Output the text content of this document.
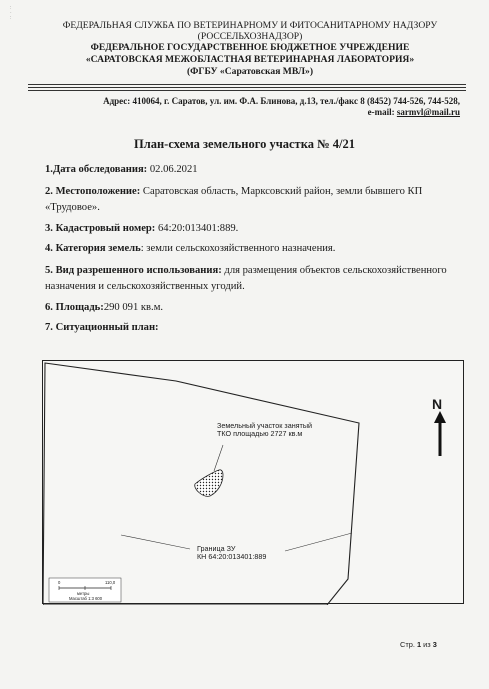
:
·
:
ФЕДЕРАЛЬНАЯ СЛУЖБА ПО ВЕТЕРИНАРНОМУ И ФИТОСАНИТАРНОМУ НАДЗОРУ
(РОССЕЛЬХОЗНАДЗОР)
ФЕДЕРАЛЬНОЕ ГОСУДАРСТВЕННОЕ БЮДЖЕТНОЕ УЧРЕЖДЕНИЕ
«САРАТОВСКАЯ МЕЖОБЛАСТНАЯ ВЕТЕРИНАРНАЯ ЛАБОРАТОРИЯ»
(ФГБУ «Саратовская МВЛ»)
Адрес: 410064, г. Саратов, ул. им. Ф.А. Блинова, д.13, тел./факс 8 (8452) 744-526, 744-528,
e-mail: sarmvl@mail.ru
План-схема земельного участка № 4/21
1.Дата обследования: 02.06.2021
2. Местоположение: Саратовская область, Марксовский район, земли бывшего КП «Трудовое».
3. Кадастровый номер: 64:20:013401:889.
4. Категория земель: земли сельскохозяйственного назначения.
5. Вид разрешенного использования: для размещения объектов сельскохозяйственного назначения и сельскохозяйственных угодий.
6. Площадь:290 091 кв.м.
7. Ситуационный план:
Земельный участок занятый
ТКО площадью 2727 кв.м
Граница ЗУ
КН 64:20:013401:889
N
0	110,0
метры
Масштаб 1:3 600
Стр. 1 из 3
